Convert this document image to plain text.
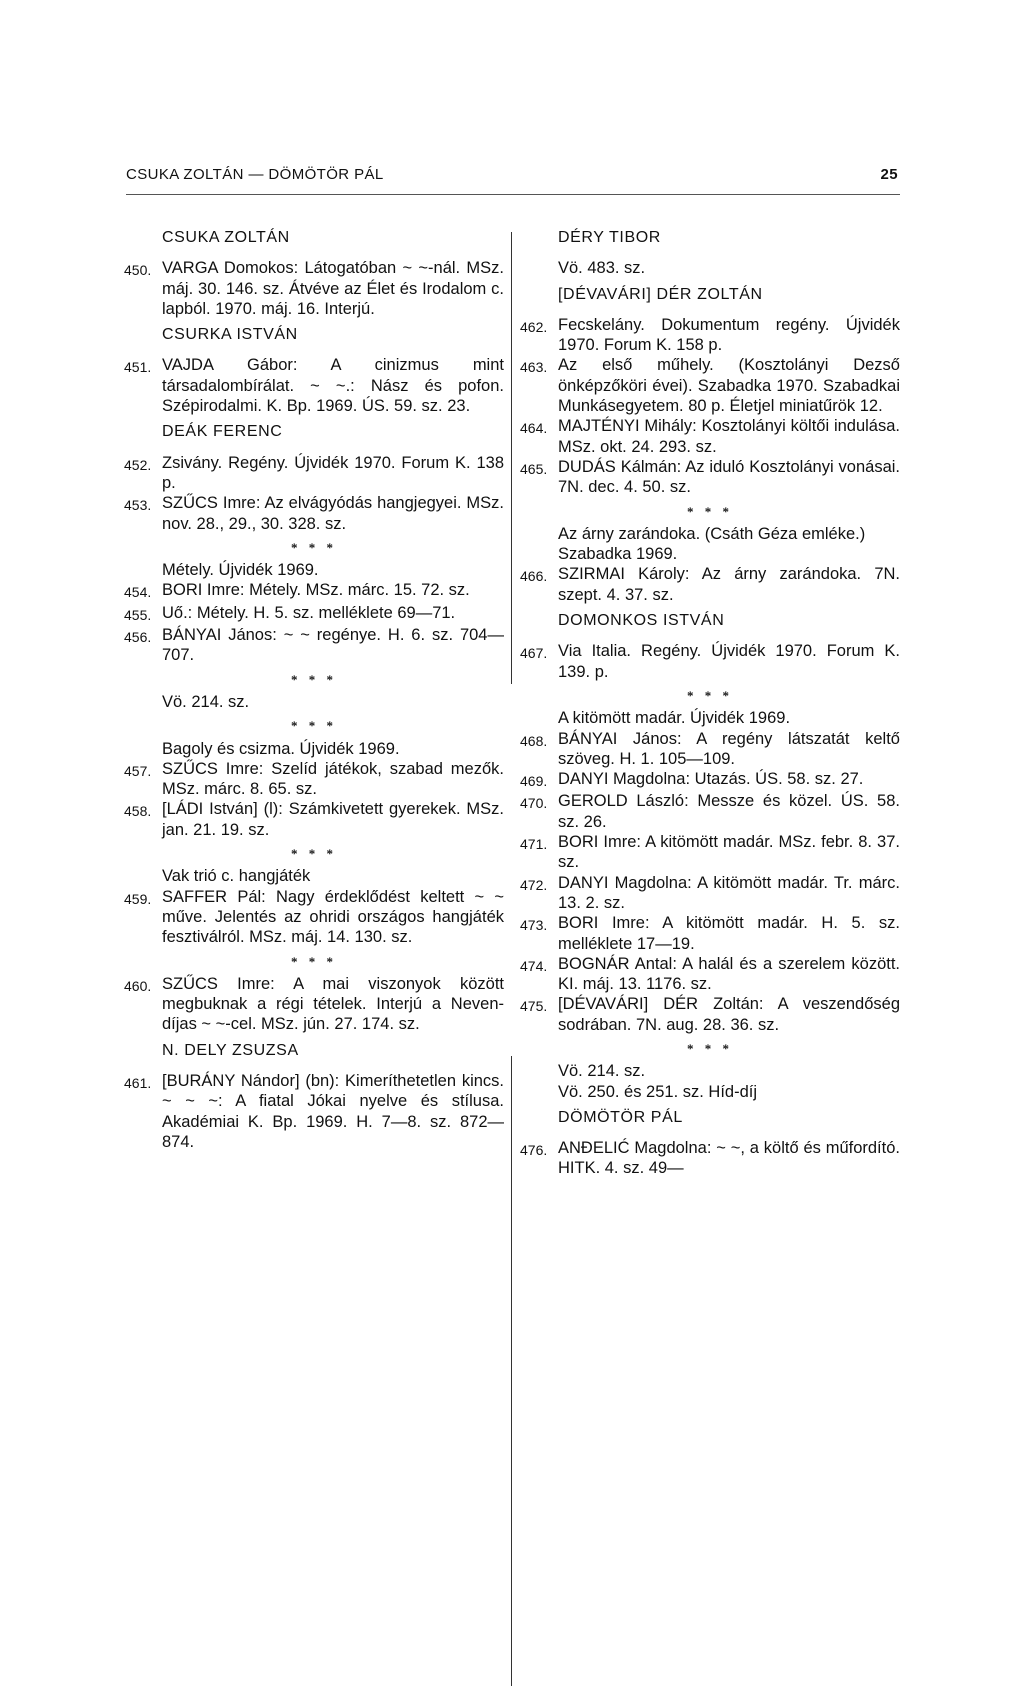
CSUKA ZOLTÁN — DÖMÖTÖR PÁL	25
CSUKA ZOLTÁN
450. VARGA Domokos: Látogatóban ~ ~-nál. MSz. máj. 30. 146. sz. Átvéve az Élet és Irodalom c. lapból. 1970. máj. 16. Interjú.
CSURKA ISTVÁN
451. VAJDA Gábor: A cinizmus mint társadalombírálat. ~ ~.: Nász és pofon. Szépirodalmi. K. Bp. 1969. ÚS. 59. sz. 23.
DEÁK FERENC
452. Zsivány. Regény. Újvidék 1970. Forum K. 138 p.
453. SZŰCS Imre: Az elvágyódás hangjegyei. MSz. nov. 28., 29., 30. 328. sz.
* * *
Métely. Újvidék 1969.
454. BORI Imre: Métely. MSz. márc. 15. 72. sz.
455. Uő.: Métely. H. 5. sz. melléklete 69—71.
456. BÁNYAI János: ~ ~ regénye. H. 6. sz. 704—707.
* * *
Vö. 214. sz.
* * *
Bagoly és csizma. Újvidék 1969.
457. SZŰCS Imre: Szelíd játékok, szabad mezők. MSz. márc. 8. 65. sz.
458. [LÁDI István] (l): Számkivetett gyerekek. MSz. jan. 21. 19. sz.
* * *
Vak trió c. hangjáték
459. SAFFER Pál: Nagy érdeklődést keltett ~ ~ műve. Jelentés az ohridi országos hangjáték fesztiválról. MSz. máj. 14. 130. sz.
* * *
460. SZŰCS Imre: A mai viszonyok között megbuknak a régi tételek. Interjú a Neven-díjas ~ ~-cel. MSz. jún. 27. 174. sz.
N. DELY ZSUZSA
461. [BURÁNY Nándor] (bn): Kimeríthetetlen kincs. ~ ~ ~: A fiatal Jókai nyelve és stílusa. Akadémiai K. Bp. 1969. H. 7—8. sz. 872—874.
DÉRY TIBOR
Vö. 483. sz.
[DÉVAVÁRI] DÉR ZOLTÁN
462. Fecskelány. Dokumentum regény. Újvidék 1970. Forum K. 158 p.
463. Az első műhely. (Kosztolányi Dezső önképzőköri évei). Szabadka 1970. Szabadkai Munkásegyetem. 80 p. Életjel miniatűrök 12.
464. MAJTÉNYI Mihály: Kosztolányi költői indulása. MSz. okt. 24. 293. sz.
465. DUDÁS Kálmán: Az iduló Kosztolányi vonásai. 7N. dec. 4. 50. sz.
* * *
Az árny zarándoka. (Csáth Géza emléke.) Szabadka 1969.
466. SZIRMAI Károly: Az árny zarándoka. 7N. szept. 4. 37. sz.
DOMONKOS ISTVÁN
467. Via Italia. Regény. Újvidék 1970. Forum K. 139. p.
* * *
A kitömött madár. Újvidék 1969.
468. BÁNYAI János: A regény látszatát keltő szöveg. H. 1. 105—109.
469. DANYI Magdolna: Utazás. ÚS. 58. sz. 27.
470. GEROLD László: Messze és közel. ÚS. 58. sz. 26.
471. BORI Imre: A kitömött madár. MSz. febr. 8. 37. sz.
472. DANYI Magdolna: A kitömött madár. Tr. márc. 13. 2. sz.
473. BORI Imre: A kitömött madár. H. 5. sz. melléklete 17—19.
474. BOGNÁR Antal: A halál és a szerelem között. KI. máj. 13. 1176. sz.
475. [DÉVAVÁRI] DÉR Zoltán: A veszendőség sodrában. 7N. aug. 28. 36. sz.
* * *
Vö. 214. sz.
Vö. 250. és 251. sz. Híd-díj
DÖMÖTÖR PÁL
476. ANĐELIĆ Magdolna: ~ ~, a költő és műfordító. HITK. 4. sz. 49—
